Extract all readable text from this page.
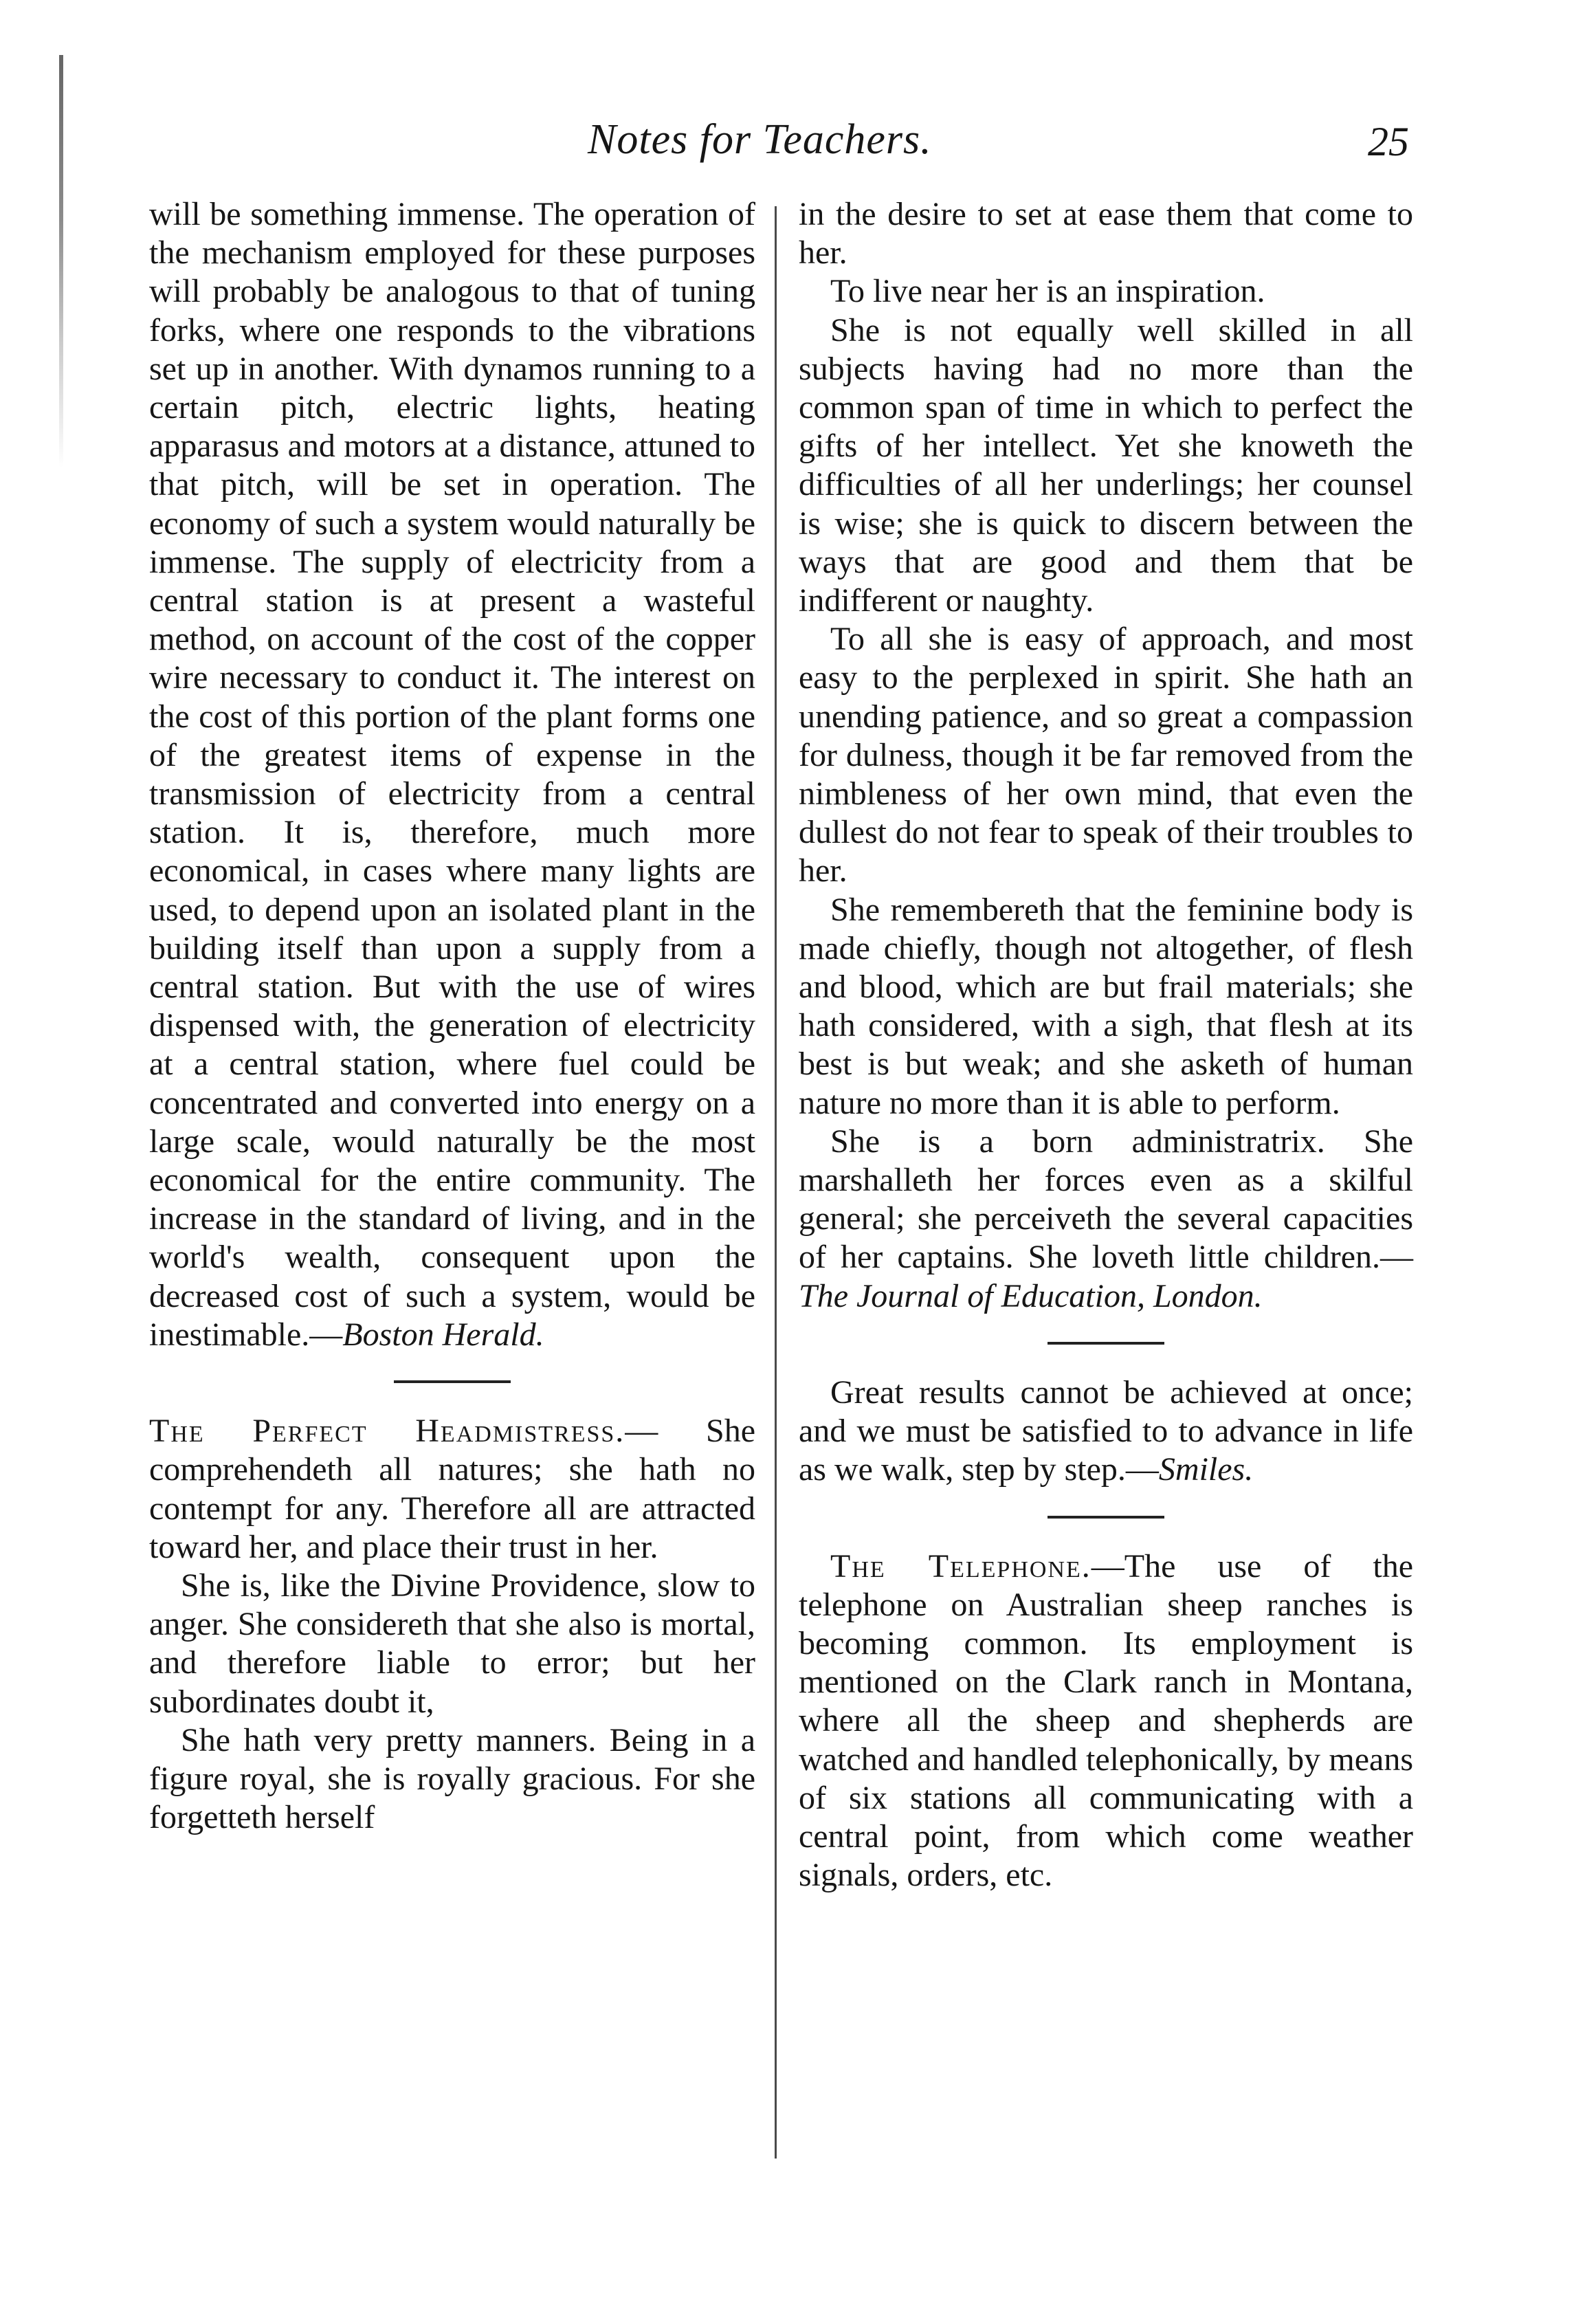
Notes for Teachers.	25

will be something immense. The operation of the mechanism employed for these purposes will probably be analogous to that of tuning forks, where one responds to the vibrations set up in another. With dynamos running to a certain pitch, electric lights, heating apparasus and motors at a distance, attuned to that pitch, will be set in operation. The economy of such a system would naturally be immense. The supply of electricity from a central station is at present a wasteful method, on account of the cost of the copper wire necessary to conduct it. The interest on the cost of this portion of the plant forms one of the greatest items of expense in the transmission of electricity from a central station. It is, therefore, much more economical, in cases where many lights are used, to depend upon an isolated plant in the building itself than upon a supply from a central station. But with the use of wires dispensed with, the generation of electricity at a central station, where fuel could be concentrated and converted into energy on a large scale, would naturally be the most economical for the entire community. The increase in the standard of living, and in the world's wealth, consequent upon the decreased cost of such a system, would be inestimable.—Boston Herald.

The Perfect Headmistress.— She comprehendeth all natures; she hath no contempt for any. Therefore all are attracted toward her, and place their trust in her.

She is, like the Divine Providence, slow to anger. She considereth that she also is mortal, and therefore liable to error; but her subordinates doubt it,

She hath very pretty manners. Being in a figure royal, she is royally gracious. For she forgetteth herself

in the desire to set at ease them that come to her.

To live near her is an inspiration.

She is not equally well skilled in all subjects having had no more than the common span of time in which to perfect the gifts of her intellect. Yet she knoweth the difficulties of all her underlings; her counsel is wise; she is quick to discern between the ways that are good and them that be indifferent or naughty.

To all she is easy of approach, and most easy to the perplexed in spirit. She hath an unending patience, and so great a compassion for dulness, though it be far removed from the nimbleness of her own mind, that even the dullest do not fear to speak of their troubles to her.

She remembereth that the feminine body is made chiefly, though not altogether, of flesh and blood, which are but frail materials; she hath considered, with a sigh, that flesh at its best is but weak; and she asketh of human nature no more than it is able to perform.

She is a born administratrix. She marshalleth her forces even as a skilful general; she perceiveth the several capacities of her captains. She loveth little children.—The Journal of Education, London.

Great results cannot be achieved at once; and we must be satisfied to to advance in life as we walk, step by step.—Smiles.

The Telephone.—The use of the telephone on Australian sheep ranches is becoming common. Its employment is mentioned on the Clark ranch in Montana, where all the sheep and shepherds are watched and handled telephonically, by means of six stations all communicating with a central point, from which come weather signals, orders, etc.
